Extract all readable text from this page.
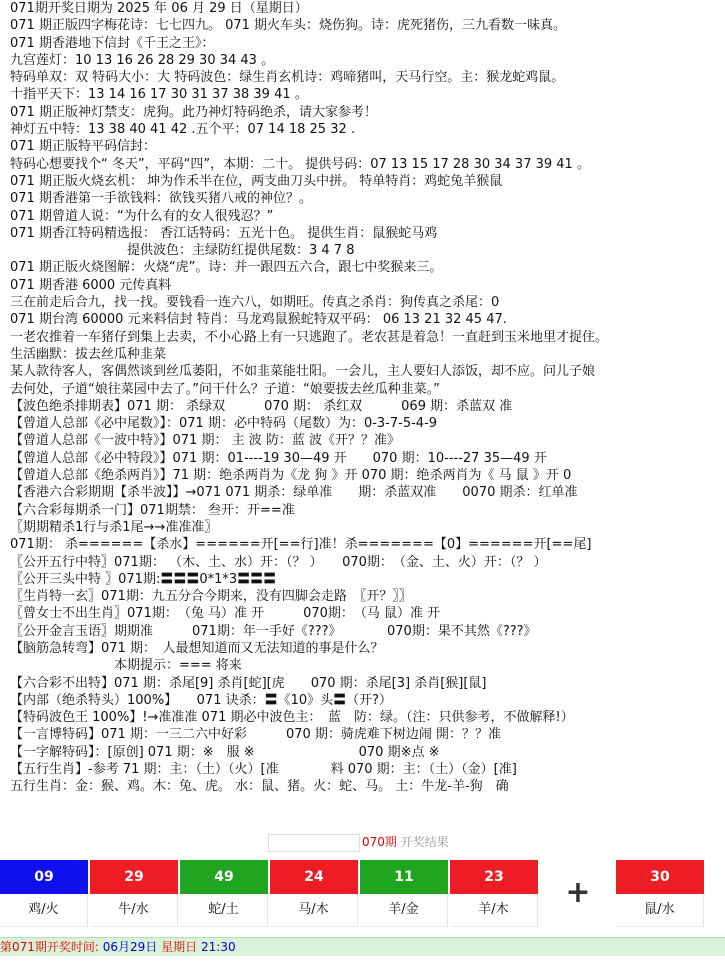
071期开奖日期为 2025 年 06 月 29 日（星期日）
071 期正版四字梅花诗：七七四九。 071 期火车头：烧伤狗。诗：虎死猪伤，三九看数一味真。
071 期香港地下信封《千王之王》：
九宫莲灯：10 13 16 26 28 29 30 34 43 。
特码单双：双 特码大小：大 特码波色：绿生肖玄机诗：鸡啼猪叫，天马行空。主：猴龙蛇鸡鼠。
十指平天下：13 14 16 17 30 31 37 38 39 41 。
071 期正版神灯禁支：虎狗。此乃神灯特码绝杀，请大家参考！
神灯五中特：13 38 40 41 42 .五个平：07 14 18 25 32 .
071 期正版特平码信封：
特码心想要找个“ 冬天”，平码“四”，本期：二十。 提供号码：07 13 15 17 28 30 34 37 39 41 。
071 期正版火烧玄机： 坤为作禾半在位，两支曲刀头中拼。 特单特肖：鸡蛇兔羊猴鼠
071 期香港第一手欲钱料：欲钱买猪八戒的神位？。
071 期曾道人说：“为什么有的女人很残忍？”
071 期香江特码精选报： 香江话特码：五光十色。 提供生肖：鼠猴蛇马鸡
　　　　　　　　　提供波色：主绿防红提供尾数：3 4 7 8
071 期正版火烧图解：火烧“虎”。诗：并一跟四五六合，跟七中奖猴来三。
071 期香港 6000 元传真料
三在前走后合九，找一找。要钱看一连六八，如期旺。传真之杀肖：狗传真之杀尾：0
071 期台湾 60000 元来料信封 特肖：马龙鸡鼠猴蛇特双平码： 06 13 21 32 45 47.
一老农推着一车猪仔到集上去卖，不小心路上有一只逃跑了。老农甚是着急！一直赶到玉米地里才捉住。
生活幽默：拔去丝瓜种韭菜
某人款待客人，客偶然谈到丝瓜萎阳，不如韭菜能壮阳。一会儿，主人要妇人添饭，却不应。问儿子娘
去何处，子道“娘往菜园中去了。”问干什么？子道：“娘要拔去丝瓜种韭菜。”
【波色绝杀排期表】071 期： 杀绿双　　　070 期： 杀红双　　　069 期：杀蓝双 准
【曾道人总部《必中尾数》】：071 期：必中特码（尾数）为：0-3-7-5-4-9
【曾道人总部《一波中特》】071 期： 主 波 防：蓝 波《开？？准》
【曾道人总部《必中特段》】071 期：01----19 30—49 开　　070 期：10----27 35—49 开
【曾道人总部《绝杀两肖》】71 期：绝杀两肖为《龙 狗 》开 070 期：绝杀两肖为《 马 鼠 》开 0
【香港六合彩期期【杀半波】】→071 071 期杀：绿单准　　期：杀蓝双准　　0070 期杀：红单准
【六合彩每期杀一门】071期禁： 叁开：开==准
〖期期精杀1行与杀1尾→→准准准〗
071期： 杀======【杀水】======开[==行]准！杀=======【0】======开[==尾]
〖公开五行中特〗071期： （木、土、水）开：（？ ）　　070期：　（金、土、火）开：（？ ）
〖公开三头中特 〗071期:〓〓〓0*1*3〓〓〓
〖生肖特一玄〗071期：九五分合今期来，没有四脚会走路　〖开？〗〗
〖曾女士不出生肖〗071期：　（兔 马）准 开　　　070期：　（马 鼠）准 开
〖公开金言玉语〗期期准　　　071期：年一手好《???》　　　　070期：果不其然《???》
【脑筋急转弯】071 期：　人最想知道而又无法知道的事是什么？
　　　　　　　　本期提示：=== 将来
【六合彩不出特】071 期：杀尾[9] 杀肖[蛇][虎　　070 期：杀尾[3] 杀肖[猴][鼠]
【内部（绝杀特头）100%】　　071 诀杀：〓《10》头〓（开?）
【特码波色王 100%】!→准准准 071 期必中波色主：　蓝　防：绿。（注：只供参考，不做解释!）
【一言博特码】071 期：一三二六中好彩　　　070 期：骑虎难下树边闹 開：？？准
【一字解特码】：[原创] 071 期：※　服 ※　　　　　　　　070 期※点 ※
【五行生肖】-参考 71 期：主：（土）（火）[准　　　　料 070 期：主：（土）（金）[准]
五行生肖：金：猴、鸡。木：兔、虎。 水：鼠、猪。火：蛇、马。 土：牛龙-羊-狗　确
070期 开奖结果
09
鸡/火
29
牛/水
49
蛇/土
24
马/木
11
羊/金
23
羊/木	+	30
鼠/水
第071期开奖时间: 06月29日 星期日 21:30
